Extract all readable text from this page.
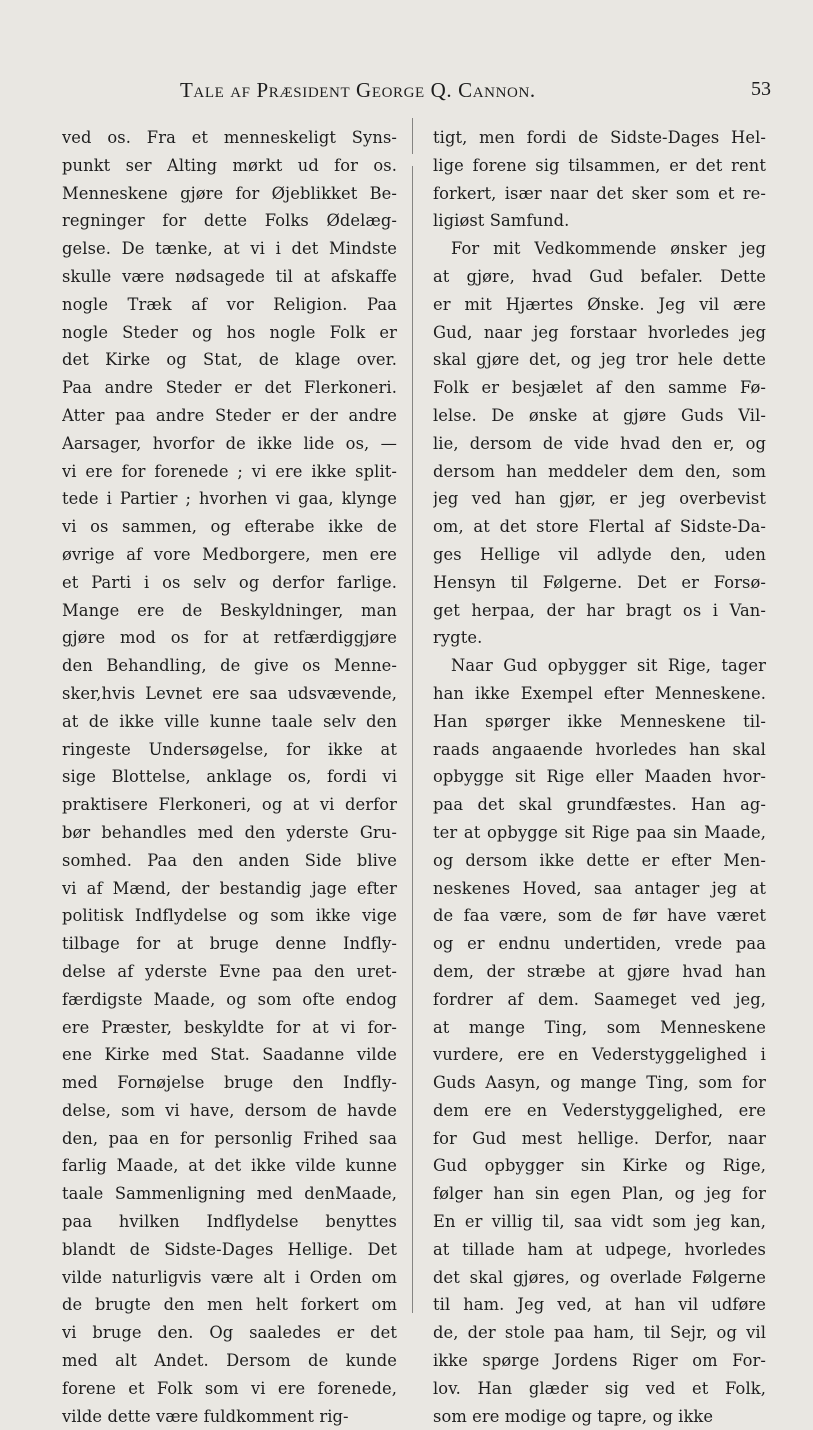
Tale af Præsident George Q. Cannon.	53
ved os. Fra et menneskeligt Syns-
punkt ser Alting mørkt ud for os.
Menneskene gjøre for Øjeblikket Be-
regninger for dette Folks Ødelæg-
gelse. De tænke, at vi i det Mindste
skulle være nødsagede til at afskaffe
nogle Træk af vor Religion. Paa
nogle Steder og hos nogle Folk er
det Kirke og Stat, de klage over.
Paa andre Steder er det Flerkoneri.
Atter paa andre Steder er der andre
Aarsager, hvorfor de ikke lide os, —
vi ere for forenede ; vi ere ikke split-
tede i Partier ; hvorhen vi gaa, klynge
vi os sammen, og efterabe ikke de
øvrige af vore Medborgere, men ere
et Parti i os selv og derfor farlige.
Mange ere de Beskyldninger, man
gjøre mod os for at retfærdiggjøre
den Behandling, de give os Menne-
sker,hvis Levnet ere saa udsvævende,
at de ikke ville kunne taale selv den
ringeste Undersøgelse, for ikke at
sige Blottelse, anklage os, fordi vi
praktisere Flerkoneri, og at vi derfor
bør behandles med den yderste Gru-
somhed. Paa den anden Side blive
vi af Mænd, der bestandig jage efter
politisk Indflydelse og som ikke vige
tilbage for at bruge denne Indfly-
delse af yderste Evne paa den uret-
færdigste Maade, og som ofte endog
ere Præster, beskyldte for at vi for-
ene Kirke med Stat. Saadanne vilde
med Fornøjelse bruge den Indfly-
delse, som vi have, dersom de havde
den, paa en for personlig Frihed saa
farlig Maade, at det ikke vilde kunne
taale Sammenligning med denMaade,
paa hvilken Indflydelse benyttes
blandt de Sidste-Dages Hellige. Det
vilde naturligvis være alt i Orden om
de brugte den men helt forkert om
vi bruge den. Og saaledes er det
med alt Andet. Dersom de kunde
forene et Folk som vi ere forenede,
vilde dette være fuldkomment rig-
tigt, men fordi de Sidste-Dages Hel-
lige forene sig tilsammen, er det rent
forkert, især naar det sker som et re-
ligiøst Samfund.
For mit Vedkommende ønsker jeg
at gjøre, hvad Gud befaler. Dette
er mit Hjærtes Ønske. Jeg vil ære
Gud, naar jeg forstaar hvorledes jeg
skal gjøre det, og jeg tror hele dette
Folk er besjælet af den samme Fø-
lelse. De ønske at gjøre Guds Vil-
lie, dersom de vide hvad den er, og
dersom han meddeler dem den, som
jeg ved han gjør, er jeg overbevist
om, at det store Flertal af Sidste-Da-
ges Hellige vil adlyde den, uden
Hensyn til Følgerne. Det er Forsø-
get herpaa, der har bragt os i Van-
rygte.
Naar Gud opbygger sit Rige, tager
han ikke Exempel efter Menneskene.
Han spørger ikke Menneskene til-
raads angaaende hvorledes han skal
opbygge sit Rige eller Maaden hvor-
paa det skal grundfæstes. Han ag-
ter at opbygge sit Rige paa sin Maade,
og dersom ikke dette er efter Men-
neskenes Hoved, saa antager jeg at
de faa være, som de før have været
og er endnu undertiden, vrede paa
dem, der stræbe at gjøre hvad han
fordrer af dem. Saameget ved jeg,
at mange Ting, som Menneskene
vurdere, ere en Vederstyggelighed i
Guds Aasyn, og mange Ting, som for
dem ere en Vederstyggelighed, ere
for Gud mest hellige. Derfor, naar
Gud opbygger sin Kirke og Rige,
følger han sin egen Plan, og jeg for
En er villig til, saa vidt som jeg kan,
at tillade ham at udpege, hvorledes
det skal gjøres, og overlade Følgerne
til ham. Jeg ved, at han vil udføre
de, der stole paa ham, til Sejr, og vil
ikke spørge Jordens Riger om For-
lov. Han glæder sig ved et Folk,
som ere modige og tapre, og ikke
